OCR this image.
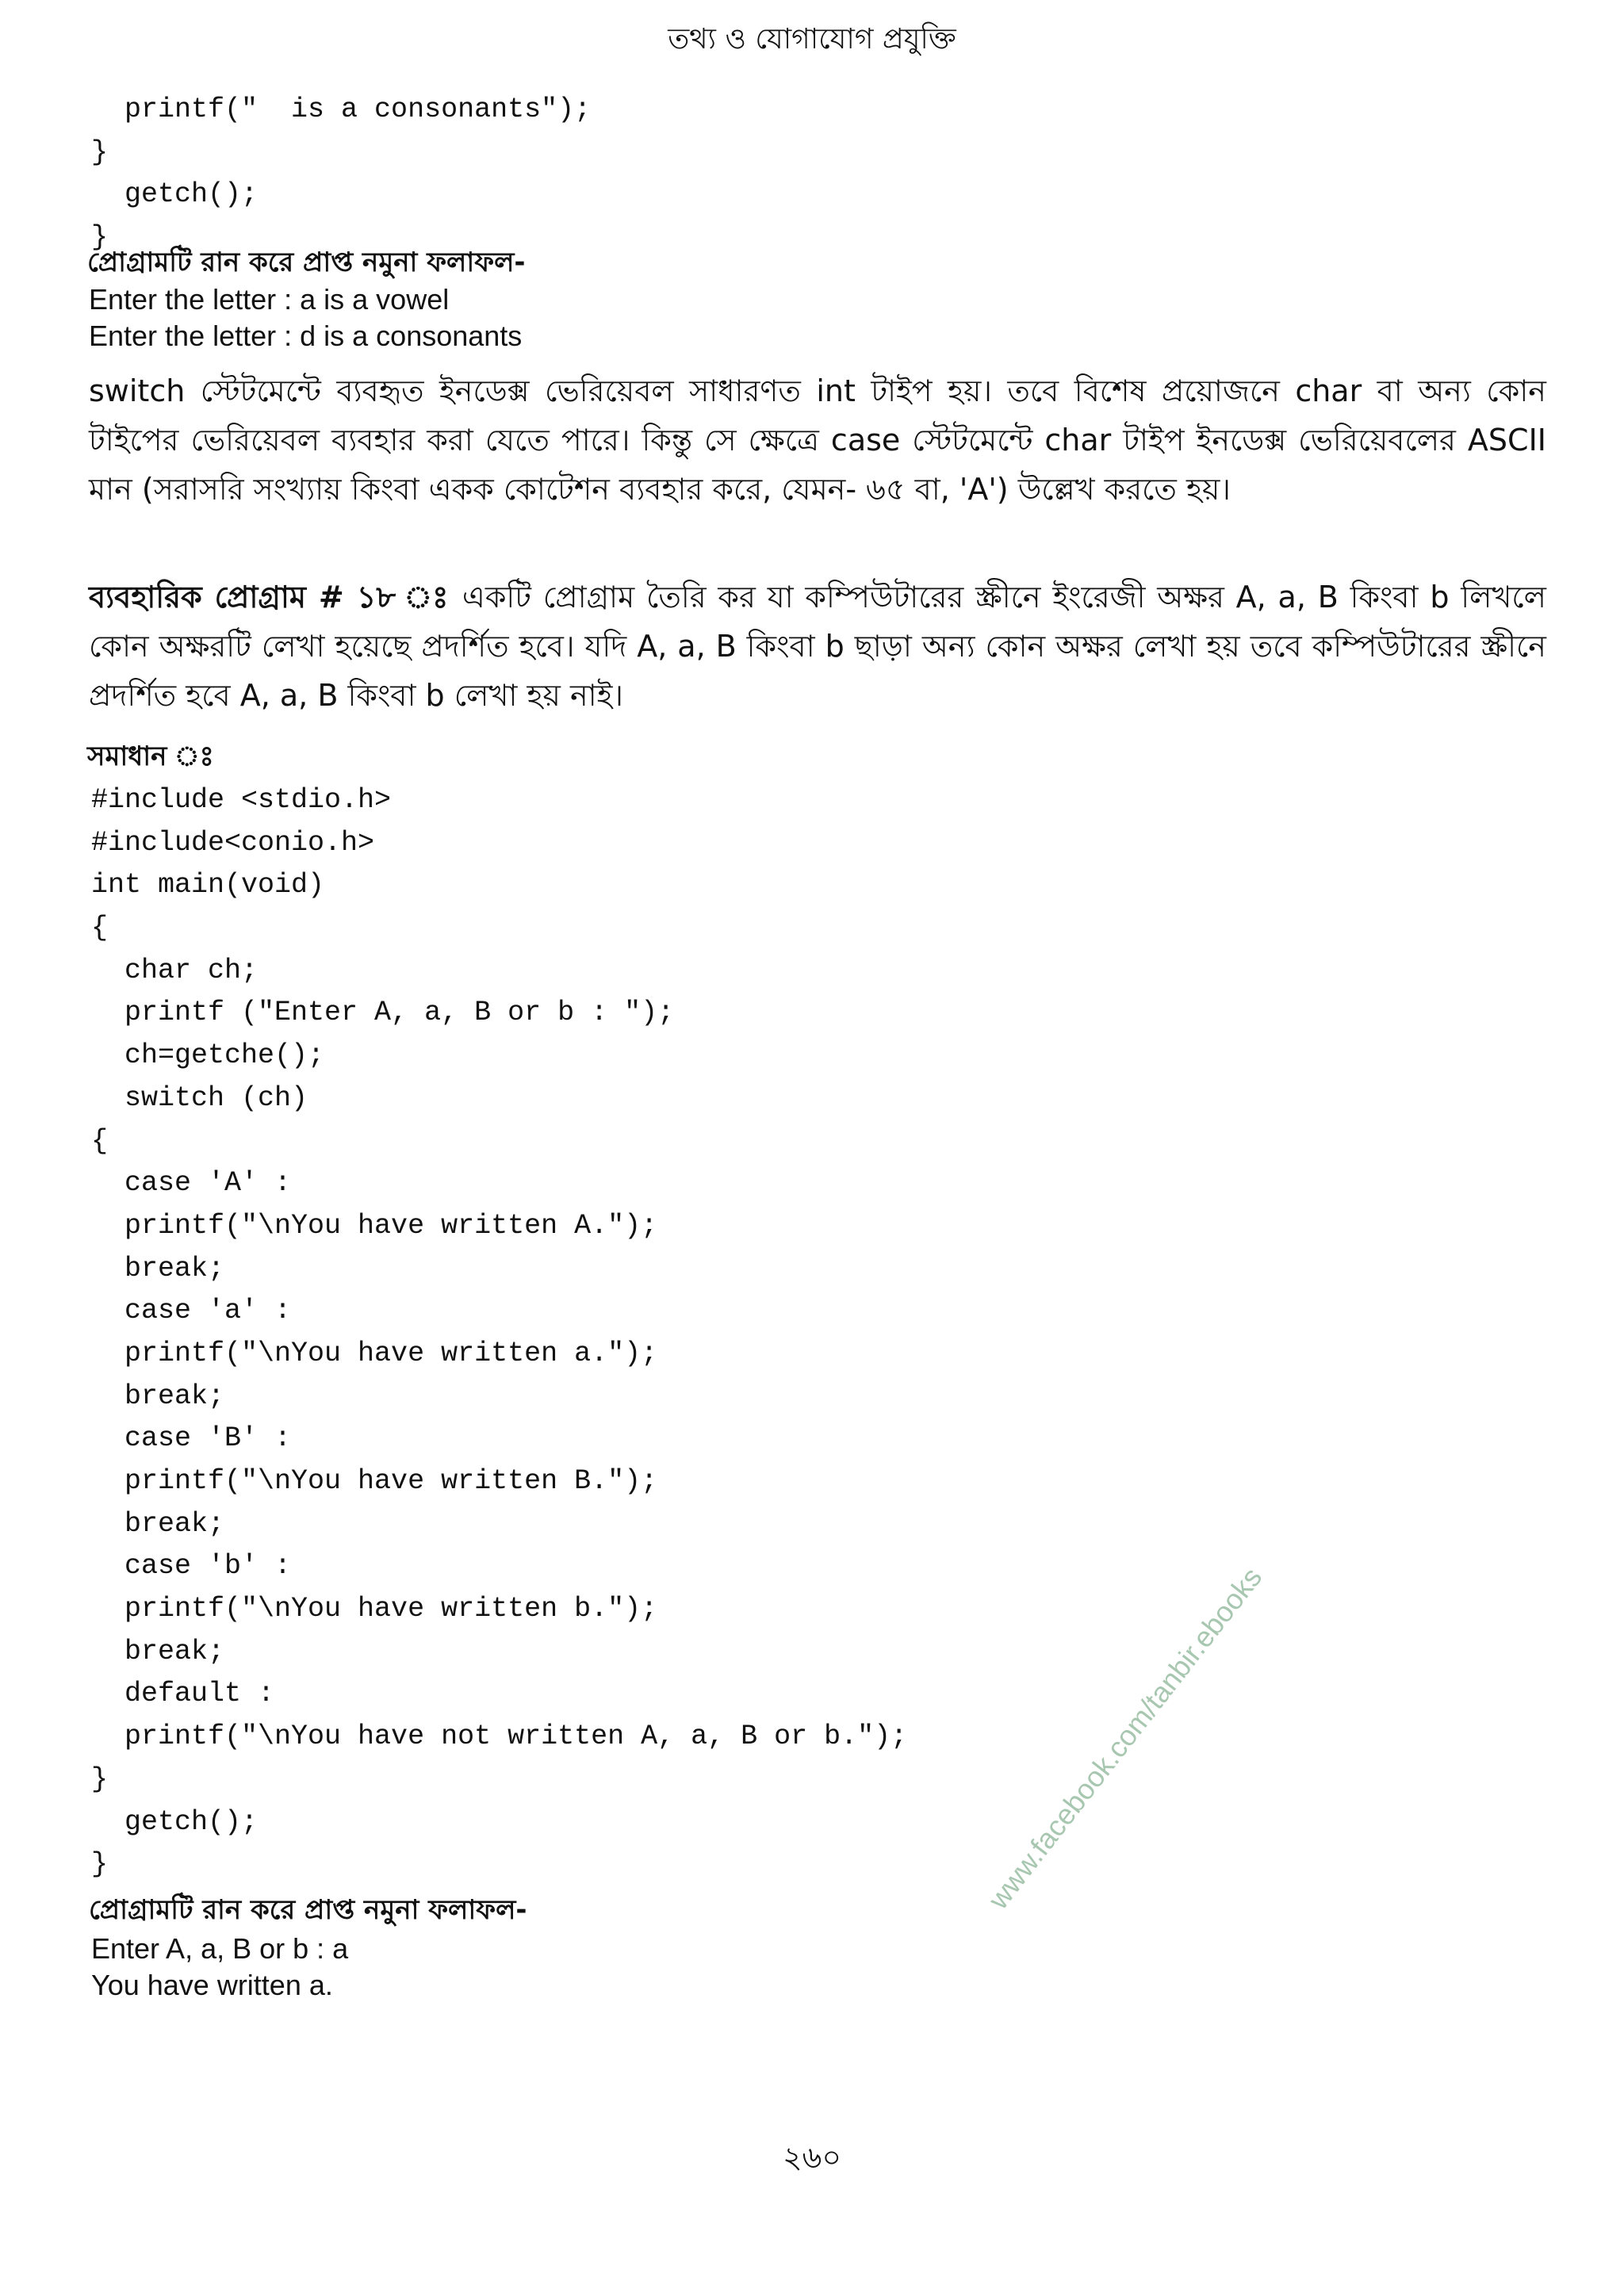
তথ্য ও যোগাযোগ প্রযুক্তি
printf("  is a consonants");
}
getch();
}
প্রোগ্রামটি রান করে প্রাপ্ত নমুনা ফলাফল-
Enter the letter : a is a vowel
Enter the letter : d is a consonants

switch স্টেটমেন্টে ব্যবহৃত ইনডেক্স ভেরিয়েবল সাধারণত int টাইপ হয়। তবে বিশেষ প্রয়োজনে char বা অন্য কোন টাইপের ভেরিয়েবল ব্যবহার করা যেতে পারে। কিন্তু সে ক্ষেত্রে case স্টেটমেন্টে char টাইপ ইনডেক্স ভেরিয়েবলের ASCII মান (সরাসরি সংখ্যায় কিংবা একক কোটেশন ব্যবহার করে, যেমন- ৬৫ বা, 'A') উল্লেখ করতে হয়।

ব্যবহারিক প্রোগ্রাম # ১৮ ঃ একটি প্রোগ্রাম তৈরি কর যা কম্পিউটারের স্ক্রীনে ইংরেজী অক্ষর A, a, B কিংবা b লিখলে কোন অক্ষরটি লেখা হয়েছে প্রদর্শিত হবে। যদি A, a, B কিংবা b ছাড়া অন্য কোন অক্ষর লেখা হয় তবে কম্পিউটারের স্ক্রীনে প্রদর্শিত হবে A, a, B কিংবা b লেখা হয় নাই।

সমাধান ঃ
#include <stdio.h>
#include<conio.h>
int main(void)
{
char ch;
printf ("Enter A, a, B or b : ");
ch=getche();
switch (ch)
{
case 'A' :
printf("\nYou have written A.");
break;
case 'a' :
printf("\nYou have written a.");
break;
case 'B' :
printf("\nYou have written B.");
break;
case 'b' :
printf("\nYou have written b.");
break;
default :
printf("\nYou have not written A, a, B or b.");
}
getch();
}
প্রোগ্রামটি রান করে প্রাপ্ত নমুনা ফলাফল-
Enter A, a, B or b : a
You have written a.
২৬০
www.facebook.com/tanbir.ebooks
